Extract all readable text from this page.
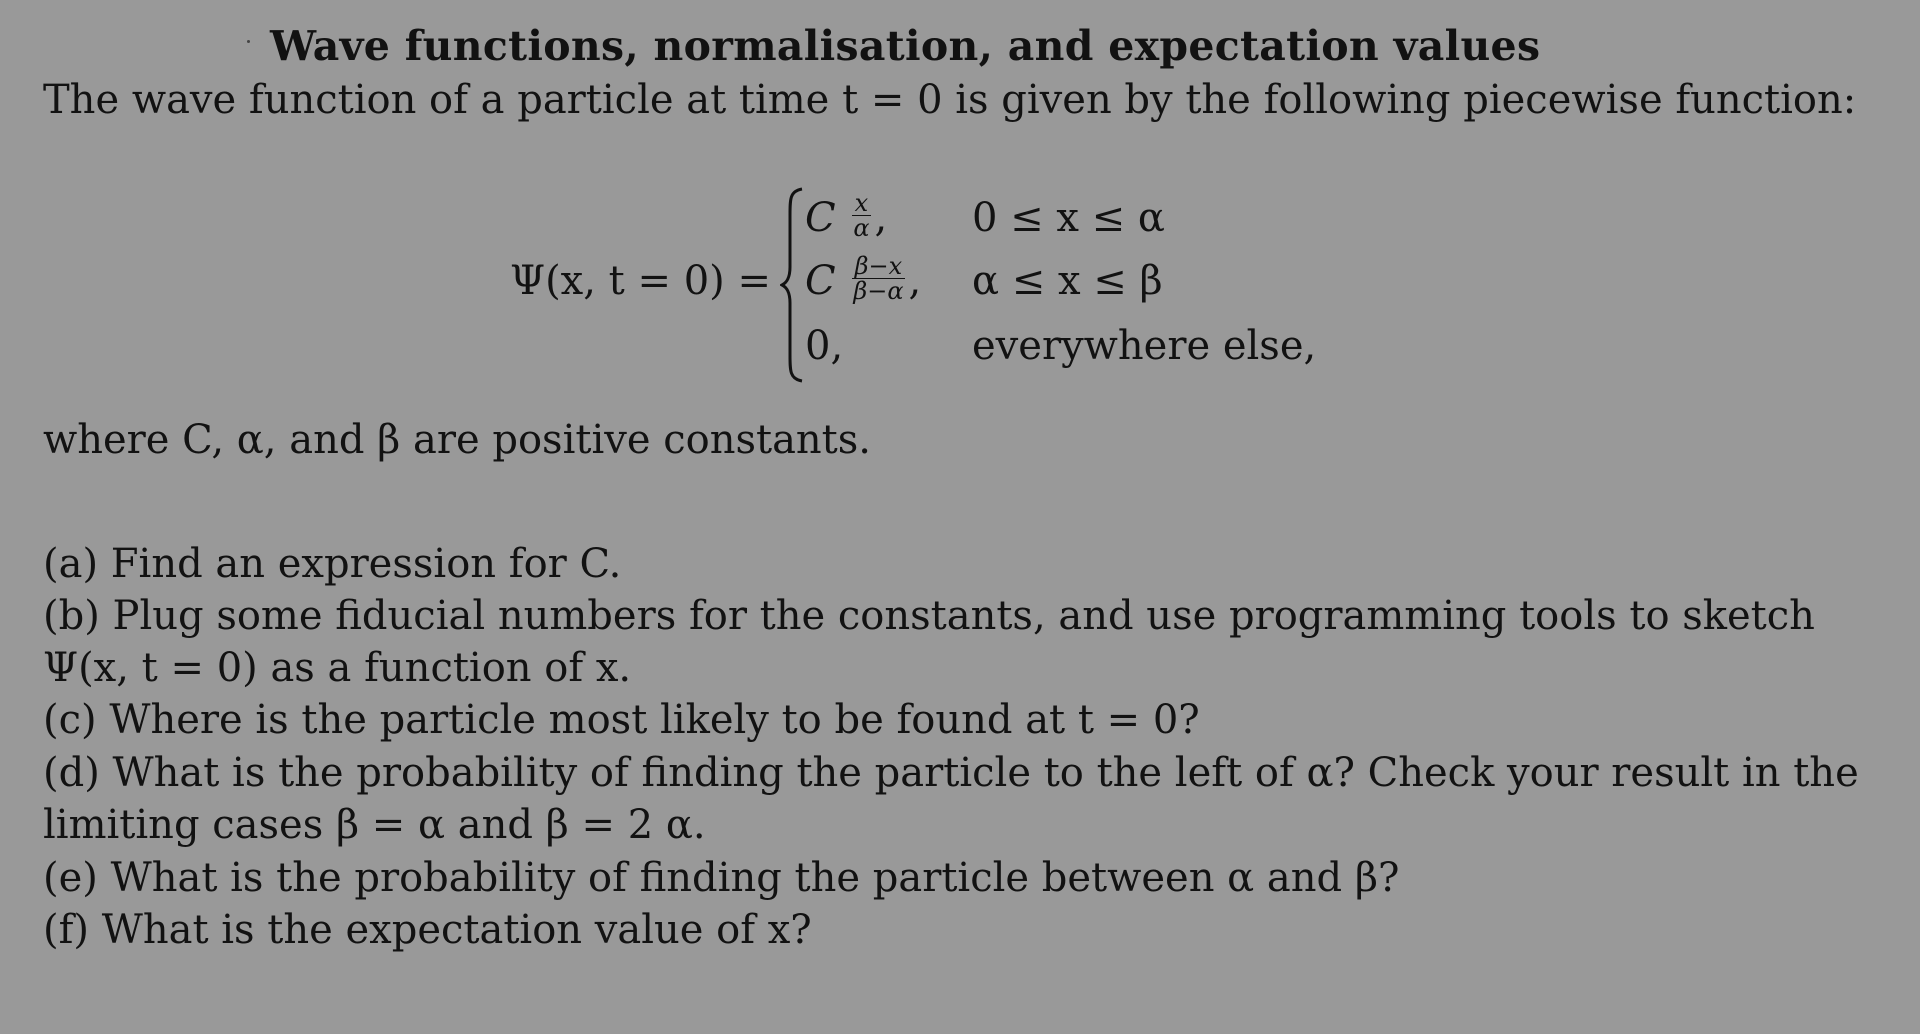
Wave functions, normalisation, and expectation values
The wave function of a particle at time t = 0 is given by the following piecewise function:
Ψ(x, t = 0) =
C $\frac{x}{\alpha}$ , 0 ≤ x ≤ α
C $\frac{\beta-x}{\beta-\alpha}$ , α ≤ x ≤ β
0,	everywhere else,
where C, α, and β are positive constants.
(a) Find an expression for C.
(b) Plug some fiducial numbers for the constants, and use programming tools to sketch
Ψ(x, t = 0) as a function of x.
(c) Where is the particle most likely to be found at t = 0?
(d) What is the probability of finding the particle to the left of α? Check your result in the
limiting cases β = α and β = 2 α.
(e) What is the probability of finding the particle between α and β?
(f) What is the expectation value of x?
